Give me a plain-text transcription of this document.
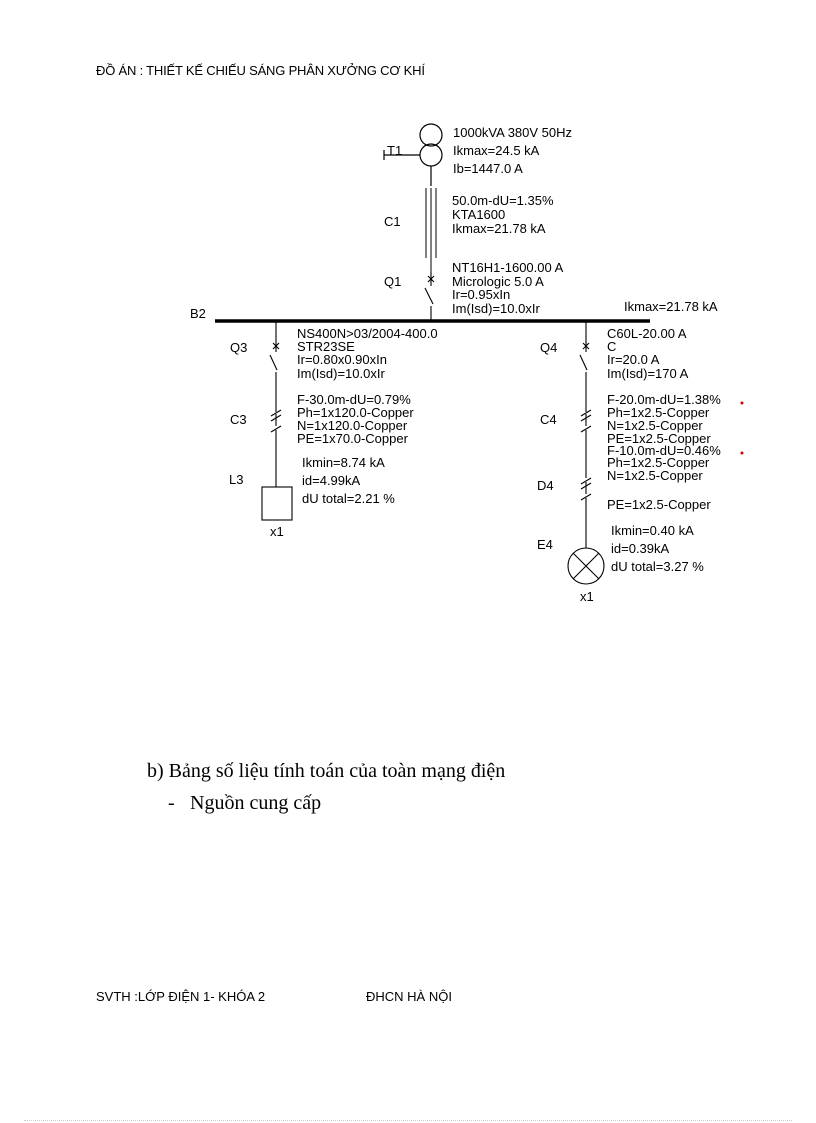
ĐỒ ÁN : THIẾT KẾ CHIẾU SÁNG PHÂN XƯỞNG CƠ KHÍ
T1
1000kVA 380V 50Hz
Ikmax=24.5 kA
Ib=1447.0 A
C1
50.0m-dU=1.35%
KTA1600
Ikmax=21.78 kA
Q1
NT16H1-1600.00 A
Micrologic 5.0 A
Ir=0.95xIn
Im(Isd)=10.0xIr
B2	Ikmax=21.78 kA
Q3
NS400N>03/2004-400.0
STR23SE
Ir=0.80x0.90xIn
Im(Isd)=10.0xIr
C3
F-30.0m-dU=0.79%
Ph=1x120.0-Copper
N=1x120.0-Copper
PE=1x70.0-Copper
L3
Ikmin=8.74 kA
id=4.99kA
dU total=2.21 %
x1
Q4
C60L-20.00 A
C
Ir=20.0 A
Im(Isd)=170 A
C4
F-20.0m-dU=1.38%
Ph=1x2.5-Copper
N=1x2.5-Copper
PE=1x2.5-Copper
D4
F-10.0m-dU=0.46%
Ph=1x2.5-Copper
N=1x2.5-Copper
PE=1x2.5-Copper
E4
Ikmin=0.40 kA
id=0.39kA
dU total=3.27 %
x1
b) Bảng số liệu tính toán của toàn mạng điện
- Nguồn cung cấp
SVTH :LỚP ĐIỆN 1- KHÓA 2	ĐHCN HÀ NỘI
